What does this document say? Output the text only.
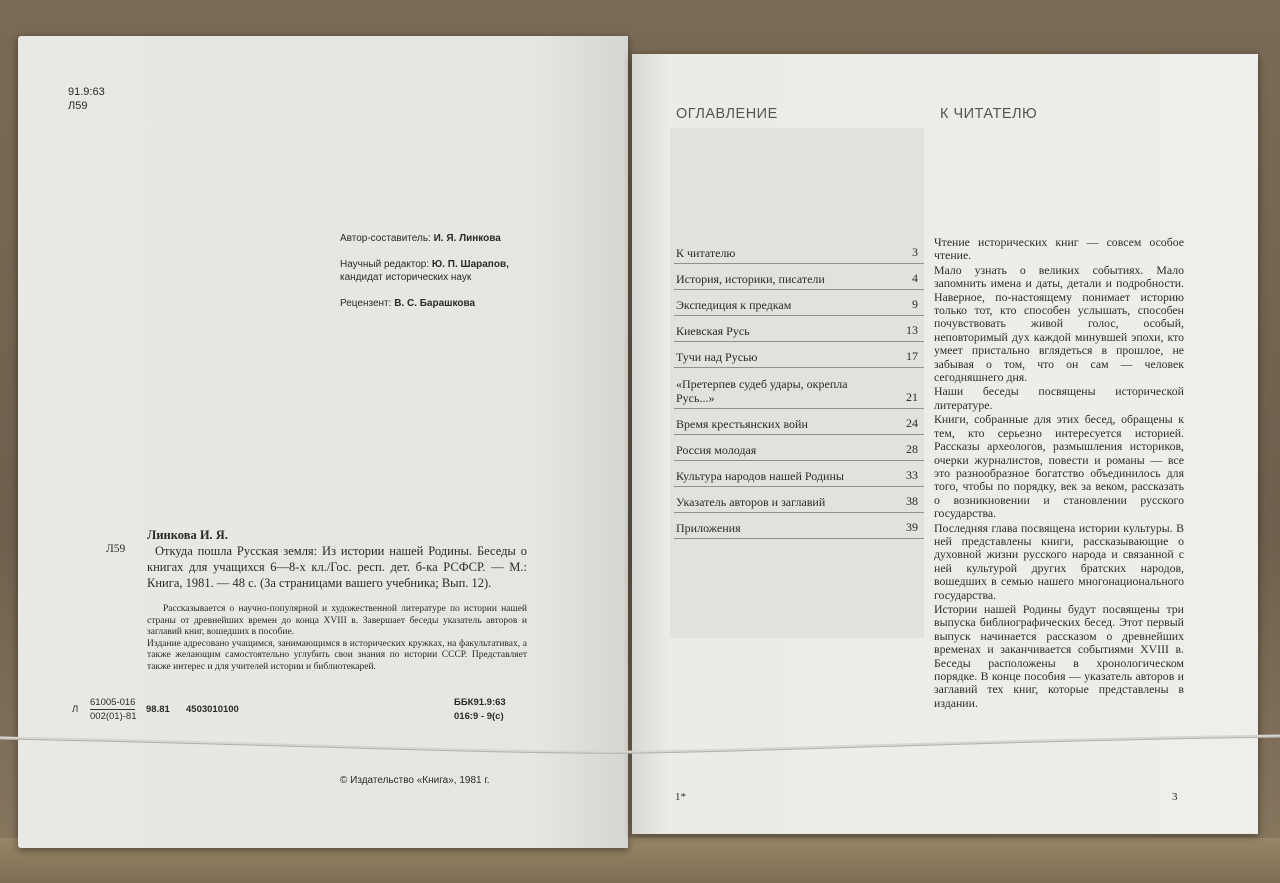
91.9:63
Л59
Автор-составитель: И. Я. Линкова
Научный редактор: Ю. П. Шарапов,
кандидат исторических наук
Рецензент: В. С. Барашкова
Л59
Линкова И. Я.
Откуда пошла Русская земля: Из истории нашей Родины. Беседы о книгах для учащихся 6—8-х кл./Гос. респ. дет. б-ка РСФСР. — М.: Книга, 1981. — 48 с. (За страницами вашего учебника; Вып. 12).

Рассказывается о научно-популярной и художественной литературе по истории нашей страны от древнейших времен до конца XVIII в. Завершает беседы указатель авторов и заглавий книг, вошедших в пособие.

Издание адресовано учащимся, занимающимся в исторических кружках, на факультативах, а также желающим самостоятельно углубить свои знания по истории СССР. Представляет также интерес и для учителей истории и библиотекарей.

Л
61005-016
002(01)-81
98.81 4503010100
ББК91.9:63
016:9 - 9(с)
© Издательство «Книга», 1981 г.
ОГЛАВЛЕНИЕ	К ЧИТАТЕЛЮ
К читателю	3
История, историки, писатели	4
Экспедиция к предкам	9
Киевская Русь	13
Тучи над Русью	17
«Претерпев судеб удары, окрепла Русь...»	21
Время крестьянских войн	24
Россия молодая	28
Культура народов нашей Родины	33
Указатель авторов и заглавий	38
Приложения	39

Чтение исторических книг — совсем особое чтение.

Мало узнать о великих событиях. Мало запомнить имена и даты, детали и подробности. Наверное, по-настоящему понимает историю только тот, кто способен услышать, способен почувствовать живой голос, особый, неповторимый дух каждой минувшей эпохи, кто умеет пристально вглядеться в прошлое, не забывая о том, что он сам — человек сегодняшнего дня.

Наши беседы посвящены исторической литературе.

Книги, собранные для этих бесед, обращены к тем, кто серьезно интересуется историей. Рассказы археологов, размышления историков, очерки журналистов, повести и романы — все это разнообразное богатство объединилось для того, чтобы по порядку, век за веком, рассказать о возникновении и становлении русского государства.

Последняя глава посвящена истории культуры. В ней представлены книги, рассказывающие о духовной жизни русского народа и связанной с ней культурой других братских народов, вошедших в семью нашего многонационального государства.

Истории нашей Родины будут посвящены три выпуска библиографических бесед. Этот первый выпуск начинается рассказом о древнейших временах и заканчивается событиями XVIII в. Беседы расположены в хронологическом порядке. В конце пособия — указатель авторов и заглавий тех книг, которые представлены в издании.

1*	3
